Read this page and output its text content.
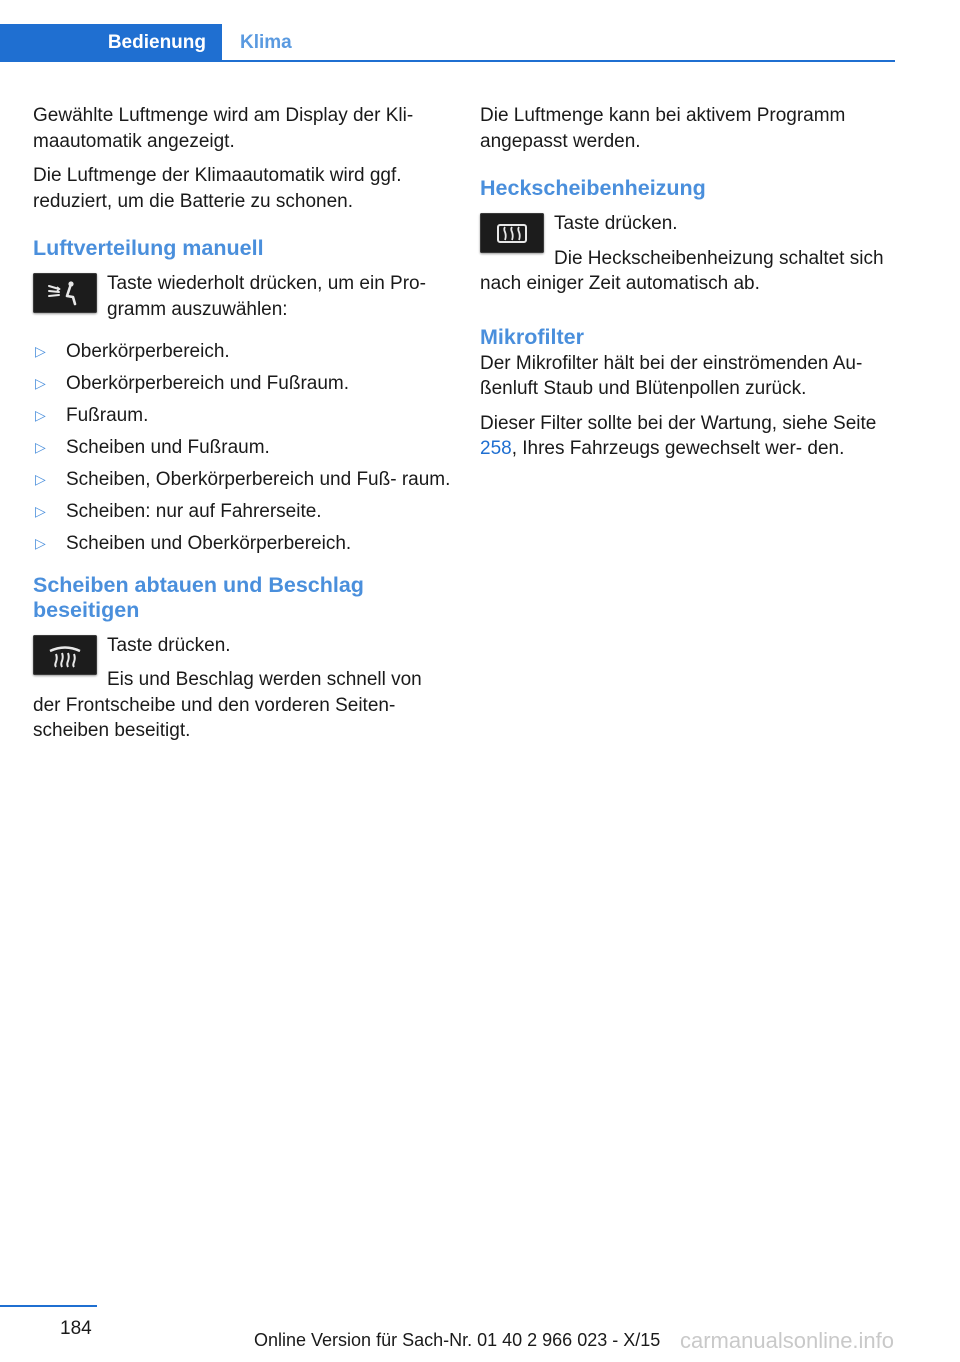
Bedienung	Klima

Gewählte Luftmenge wird am Display der Kli‐ maautomatik angezeigt.

Die Luftmenge der Klimaautomatik wird ggf. reduziert, um die Batterie zu schonen.

Luftverteilung manuell

Taste wiederholt drücken, um ein Pro‐ gramm auszuwählen:

▷ Oberkörperbereich.
▷ Oberkörperbereich und Fußraum.
▷ Fußraum.
▷ Scheiben und Fußraum.
▷ Scheiben, Oberkörperbereich und Fuß‐ raum.
▷ Scheiben: nur auf Fahrerseite.
▷ Scheiben und Oberkörperbereich.
Scheiben abtauen und Beschlag beseitigen

Taste drücken.

Eis und Beschlag werden schnell von der Frontscheibe und den vorderen Seiten‐ scheiben beseitigt.

Die Luftmenge kann bei aktivem Programm angepasst werden.

Heckscheibenheizung

Taste drücken.

Die Heckscheibenheizung schaltet sich nach einiger Zeit automatisch ab.

Mikrofilter

Der Mikrofilter hält bei der einströmenden Au‐ ßenluft Staub und Blütenpollen zurück.

Dieser Filter sollte bei der Wartung, siehe Seite 258, Ihres Fahrzeugs gewechselt wer‐ den.

184
Online Version für Sach-Nr. 01 40 2 966 023 - X/15 carmanualsonline.info
